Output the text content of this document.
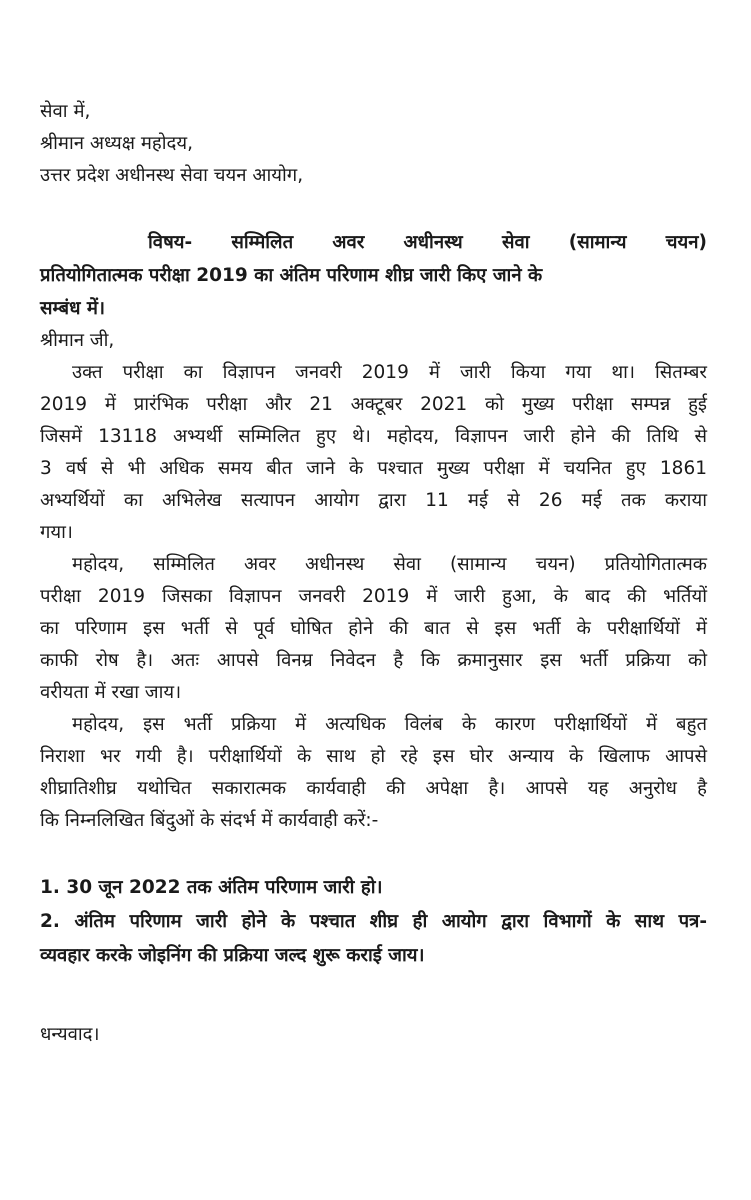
सेवा में,
श्रीमान अध्यक्ष महोदय,
उत्तर प्रदेश अधीनस्थ सेवा चयन आयोग,
विषय- सम्मिलित अवर अधीनस्थ सेवा (सामान्य चयन)
प्रतियोगितात्मक परीक्षा 2019 का अंतिम परिणाम शीघ्र जारी किए जाने के
सम्बंध में।
श्रीमान जी,
उक्त परीक्षा का विज्ञापन जनवरी 2019 में जारी किया गया था। सितम्बर
2019 में प्रारंभिक परीक्षा और 21 अक्टूबर 2021 को मुख्य परीक्षा सम्पन्न हुई
जिसमें 13118 अभ्यर्थी सम्मिलित हुए थे। महोदय, विज्ञापन जारी होने की तिथि से
3 वर्ष से भी अधिक समय बीत जाने के पश्चात मुख्य परीक्षा में चयनित हुए 1861
अभ्यर्थियों का अभिलेख सत्यापन आयोग द्वारा 11 मई से 26 मई तक कराया
गया।
महोदय, सम्मिलित अवर अधीनस्थ सेवा (सामान्य चयन) प्रतियोगितात्मक
परीक्षा 2019 जिसका विज्ञापन जनवरी 2019 में जारी हुआ, के बाद की भर्तियों
का परिणाम इस भर्ती से पूर्व घोषित होने की बात से इस भर्ती के परीक्षार्थियों में
काफी रोष है। अतः आपसे विनम्र निवेदन है कि क्रमानुसार इस भर्ती प्रक्रिया को
वरीयता में रखा जाय।
महोदय, इस भर्ती प्रक्रिया में अत्यधिक विलंब के कारण परीक्षार्थियों में बहुत
निराशा भर गयी है। परीक्षार्थियों के साथ हो रहे इस घोर अन्याय के खिलाफ आपसे
शीघ्रातिशीघ्र यथोचित सकारात्मक कार्यवाही की अपेक्षा है। आपसे यह अनुरोध है
कि निम्नलिखित बिंदुओं के संदर्भ में कार्यवाही करें:-
1. 30 जून 2022 तक अंतिम परिणाम जारी हो।
2. अंतिम परिणाम जारी होने के पश्चात शीघ्र ही आयोग द्वारा विभागों के साथ पत्र-
व्यवहार करके जोइनिंग की प्रक्रिया जल्द शुरू कराई जाय।
धन्यवाद।
